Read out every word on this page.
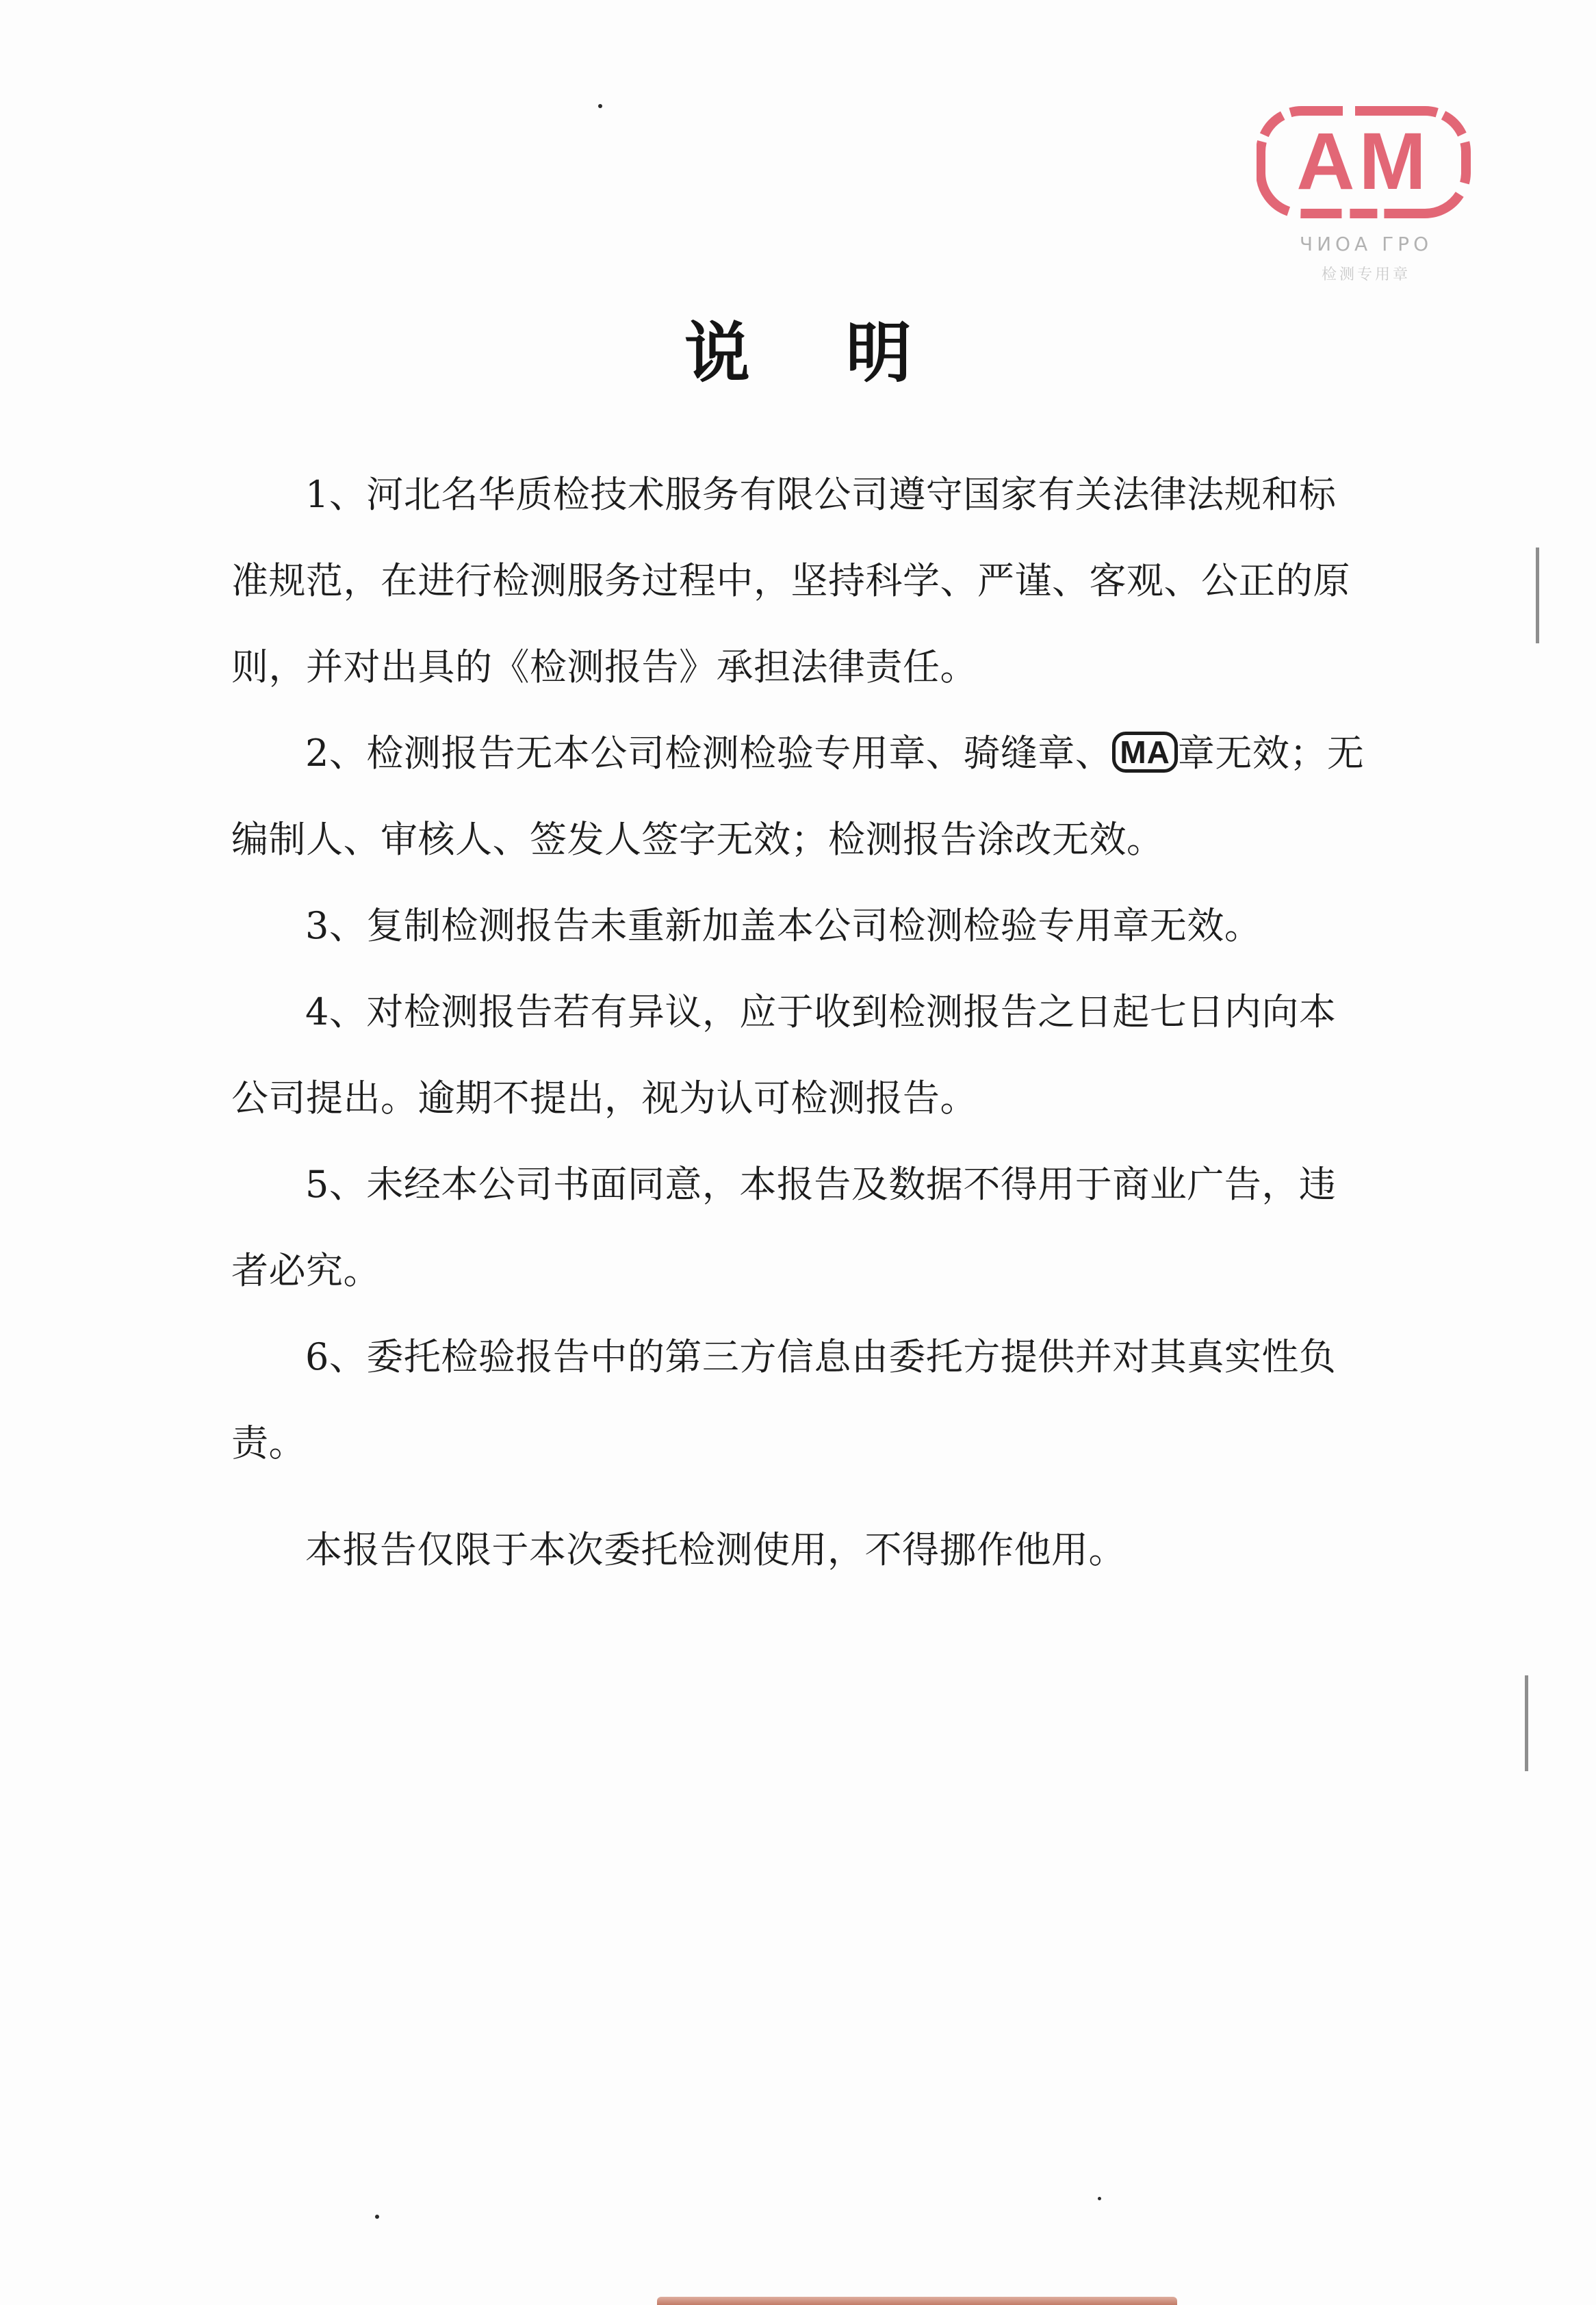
AM
ЧИОА ГРО
检测专用章
说明

1、河北名华质检技术服务有限公司遵守国家有关法律法规和标准规范，在进行检测服务过程中，坚持科学、严谨、客观、公正的原则，并对出具的《检测报告》承担法律责任。

2、检测报告无本公司检测检验专用章、骑缝章、 MA 章无效；无编制人、审核人、签发人签字无效；检测报告涂改无效。

3、复制检测报告未重新加盖本公司检测检验专用章无效。

4、对检测报告若有异议，应于收到检测报告之日起七日内向本公司提出。逾期不提出，视为认可检测报告。

5、未经本公司书面同意，本报告及数据不得用于商业广告，违者必究。

6、委托检验报告中的第三方信息由委托方提供并对其真实性负责。

本报告仅限于本次委托检测使用，不得挪作他用。
